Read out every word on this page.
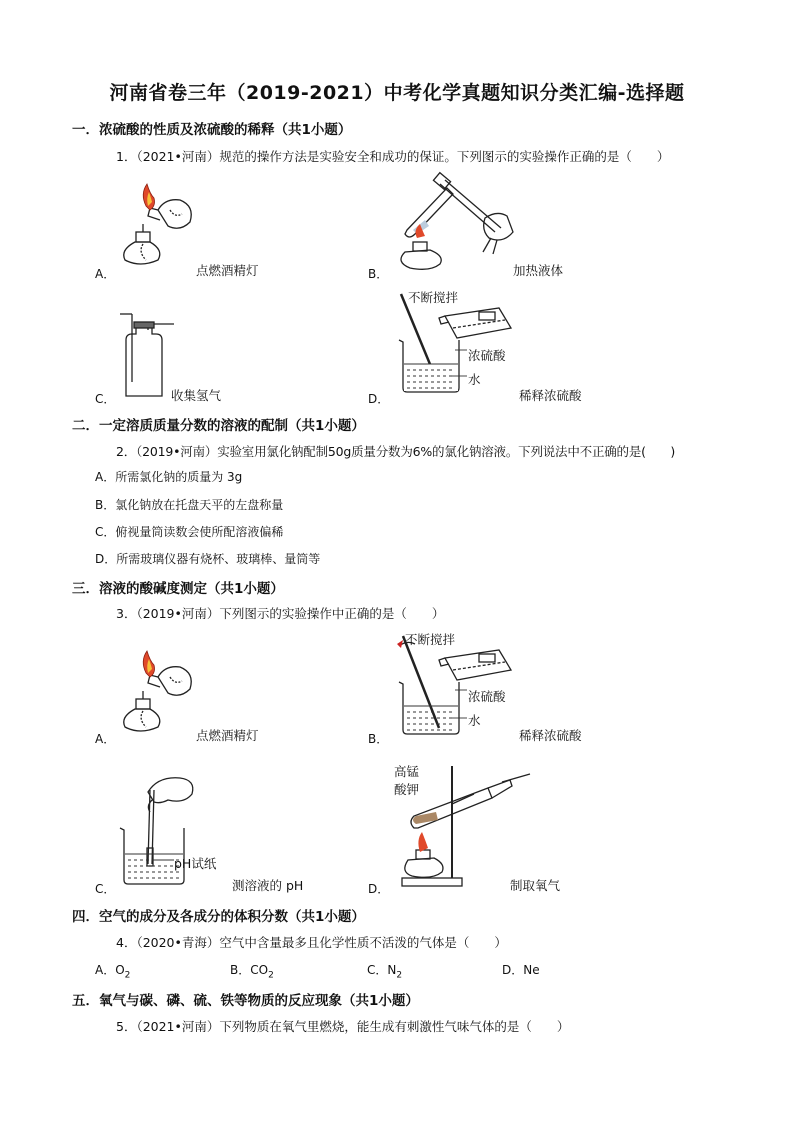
河南省卷三年（2019-2021）中考化学真题知识分类汇编-选择题
一．浓硫酸的性质及浓硫酸的稀释（共1小题）
1．（2021•河南）规范的操作方法是实验安全和成功的保证。下列图示的实验操作正确的是（　　）
A．	点燃酒精灯	B．	加热液体
C．	收集氢气
不断搅拌
浓硫酸
水
D．	稀释浓硫酸
二．一定溶质质量分数的溶液的配制（共1小题）
2．（2019•河南）实验室用氯化钠配制50g质量分数为6%的氯化钠溶液。下列说法中不正确的是(　　)
A．所需氯化钠的质量为 3g
B．氯化钠放在托盘天平的左盘称量
C．俯视量筒读数会使所配溶液偏稀
D．所需玻璃仪器有烧杯、玻璃棒、量筒等
三．溶液的酸碱度测定（共1小题）
3．（2019•河南）下列图示的实验操作中正确的是（　　）
A．	点燃酒精灯
不断搅拌
浓硫酸
水
B．	稀释浓硫酸
pH试纸
C．	测溶液的 pH
高锰
酸钾
D．	制取氧气
四．空气的成分及各成分的体积分数（共1小题）
4．（2020•青海）空气中含量最多且化学性质不活泼的气体是（　　）
A．$O_2$	B．$CO_2$	C．$N_2$	D．Ne
五．氧气与碳、磷、硫、铁等物质的反应现象（共1小题）
5．（2021•河南）下列物质在氧气里燃烧，能生成有刺激性气味气体的是（　　）
